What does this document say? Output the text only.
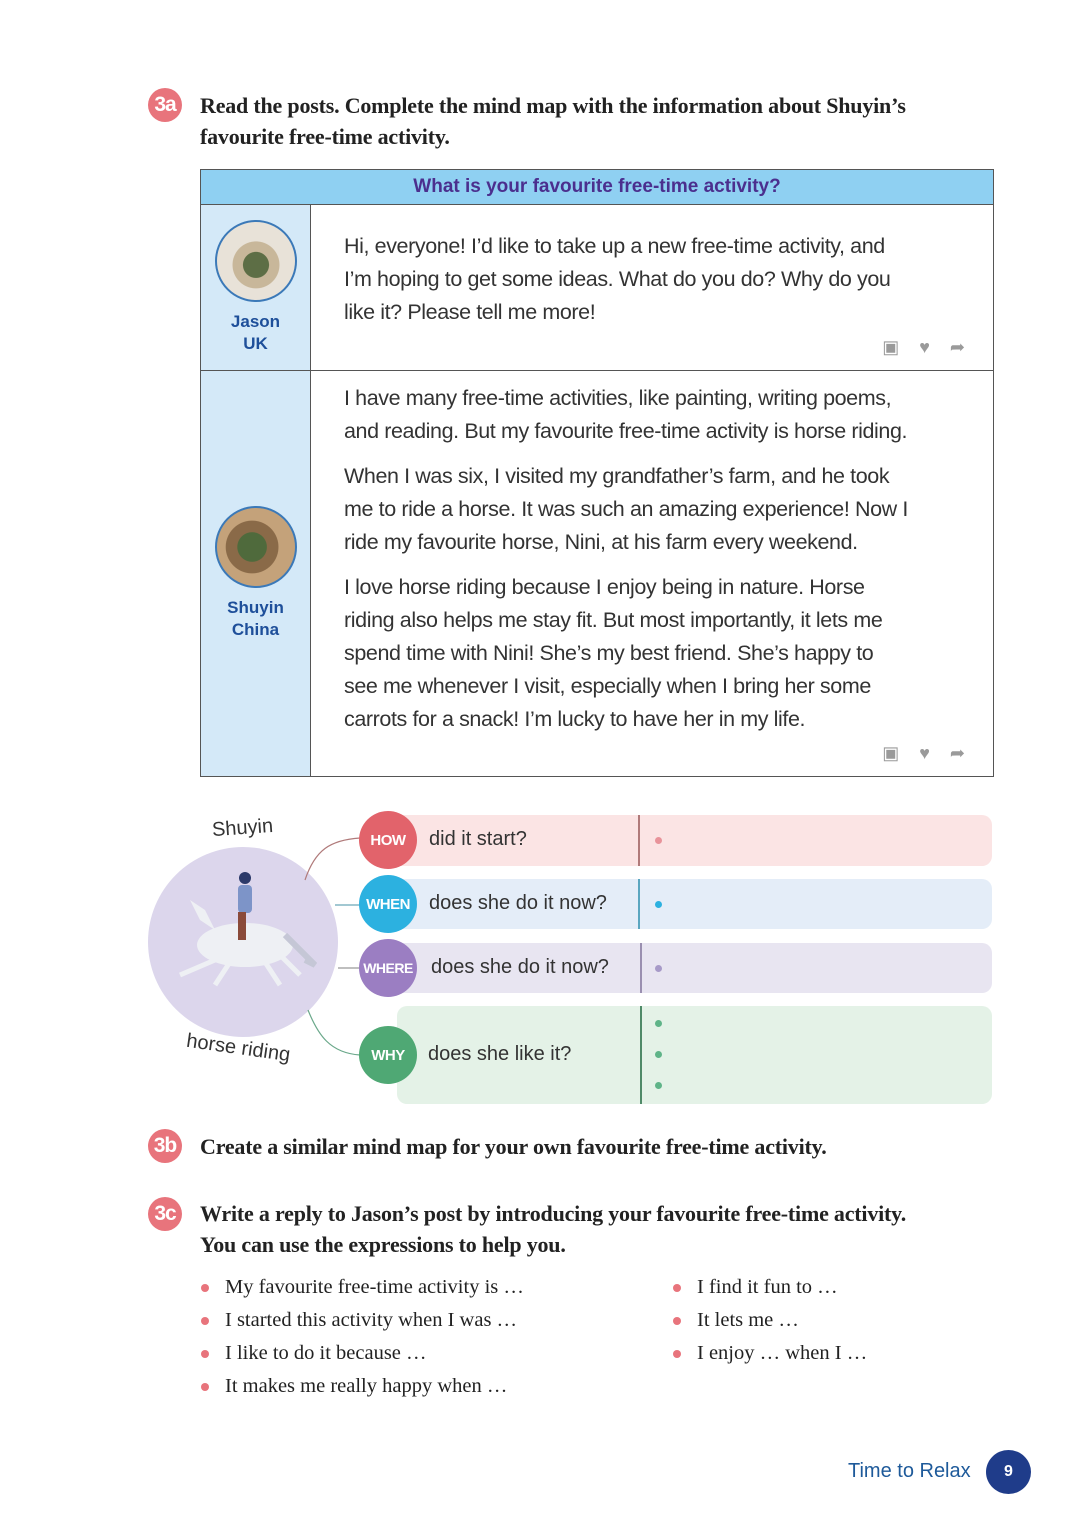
3a Read the posts. Complete the mind map with the information about Shuyin’s
favourite free-time activity.
What is your favourite free-time activity?
Jason
UK
Hi, everyone! I’d like to take up a new free-time activity, and
I’m hoping to get some ideas. What do you do? Why do you
like it? Please tell me more!
▣ ♥ ➦
Shuyin
China
I have many free-time activities, like painting, writing poems,
and reading. But my favourite free-time activity is horse riding.
When I was six, I visited my grandfather’s farm, and he took
me to ride a horse. It was such an amazing experience! Now I
ride my favourite horse, Nini, at his farm every weekend.
I love horse riding because I enjoy being in nature. Horse
riding also helps me stay fit. But most importantly, it lets me
spend time with Nini! She’s my best friend. She’s happy to
see me whenever I visit, especially when I bring her some
carrots for a snack! I’m lucky to have her in my life.
▣ ♥ ➦
Shuyin
horse riding
HOW	did it start?
WHEN does she do it now?
WHERE does she do it now?
WHY	does she like it?
3b Create a similar mind map for your own favourite free-time activity.
3c Write a reply to Jason’s post by introducing your favourite free-time activity.
You can use the expressions to help you.
My favourite free-time activity is …
I started this activity when I was …
I like to do it because …
It makes me really happy when …
I find it fun to …
It lets me …
I enjoy … when I …
Time to Relax	9
